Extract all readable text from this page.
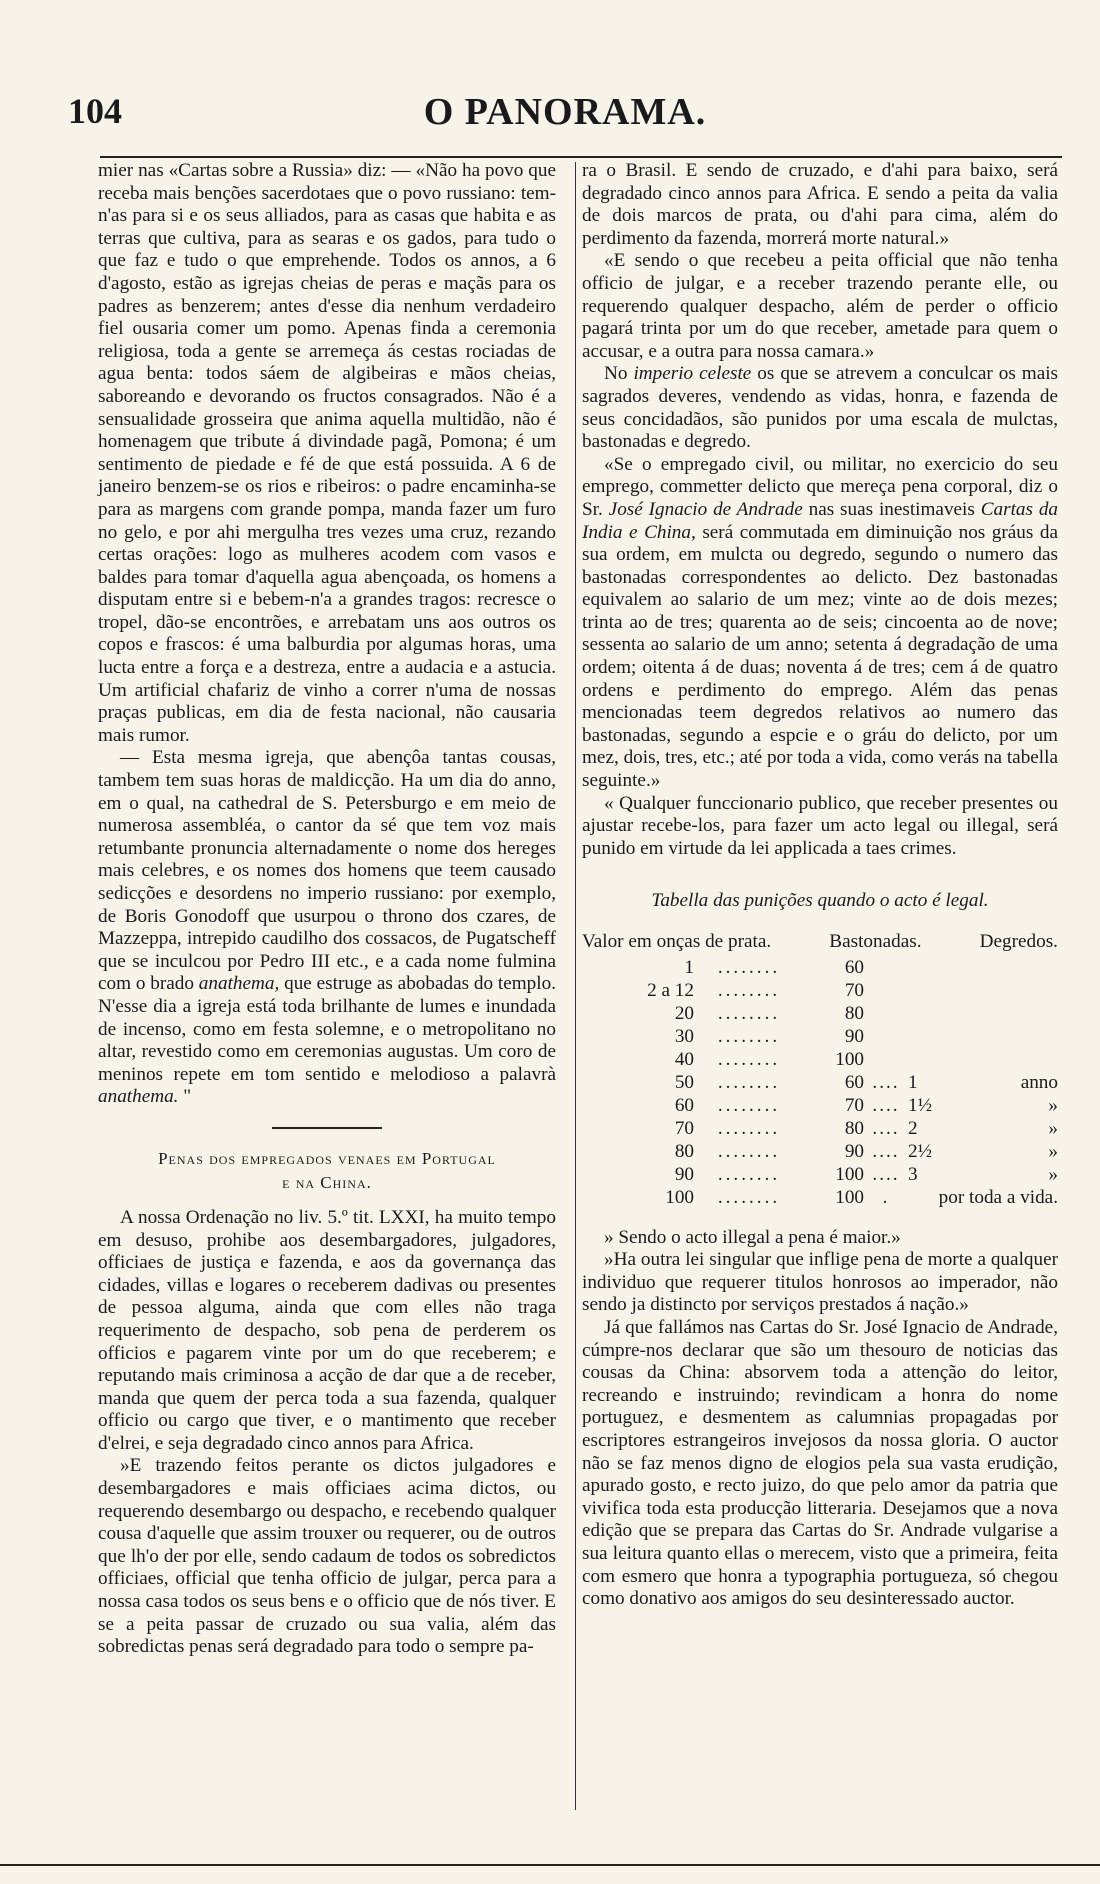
104	O PANORAMA.

mier nas «Cartas sobre a Russia» diz: — «Não ha povo que receba mais benções sacerdotaes que o povo russiano: tem-n'as para si e os seus alliados, para as casas que habita e as terras que cultiva, para as searas e os gados, para tudo o que faz e tudo o que emprehende. Todos os annos, a 6 d'agosto, estão as igrejas cheias de peras e maçãs para os padres as benzerem; antes d'esse dia nenhum verdadeiro fiel ousaria comer um pomo. Apenas finda a ceremonia religiosa, toda a gente se arremeça ás cestas rociadas de agua benta: todos sáem de algibeiras e mãos cheias, saboreando e devorando os fructos consagrados. Não é a sensualidade grosseira que anima aquella multidão, não é homenagem que tribute á divindade pagã, Pomona; é um sentimento de piedade e fé de que está possuida. A 6 de janeiro benzem-se os rios e ribeiros: o padre encaminha-se para as margens com grande pompa, manda fazer um furo no gelo, e por ahi mergulha tres vezes uma cruz, rezando certas orações: logo as mulheres acodem com vasos e baldes para tomar d'aquella agua abençoada, os homens a disputam entre si e bebem-n'a a grandes tragos: recresce o tropel, dão-se encontrões, e arrebatam uns aos outros os copos e frascos: é uma balburdia por algumas horas, uma lucta entre a força e a destreza, entre a audacia e a astucia. Um artificial chafariz de vinho a correr n'uma de nossas praças publicas, em dia de festa nacional, não causaria mais rumor.

— Esta mesma igreja, que abençôa tantas cousas, tambem tem suas horas de maldicção. Ha um dia do anno, em o qual, na cathedral de S. Petersburgo e em meio de numerosa assembléa, o cantor da sé que tem voz mais retumbante pronuncia alternadamente o nome dos hereges mais celebres, e os nomes dos homens que teem causado sedicções e desordens no imperio russiano: por exemplo, de Boris Gonodoff que usurpou o throno dos czares, de Mazzeppa, intrepido caudilho dos cossacos, de Pugatscheff que se inculcou por Pedro III etc., e a cada nome fulmina com o brado anathema, que estruge as abobadas do templo. N'esse dia a igreja está toda brilhante de lumes e inundada de incenso, como em festa solemne, e o metropolitano no altar, revestido como em ceremonias augustas. Um coro de meninos repete em tom sentido e melodioso a palavrà anathema. "

Penas dos empregados venaes em Portugal
e na China.

A nossa Ordenação no liv. 5.º tit. LXXI, ha muito tempo em desuso, prohibe aos desembargadores, julgadores, officiaes de justiça e fazenda, e aos da governança das cidades, villas e logares o receberem dadivas ou presentes de pessoa alguma, ainda que com elles não traga requerimento de despacho, sob pena de perderem os officios e pagarem vinte por um do que receberem; e reputando mais criminosa a acção de dar que a de receber, manda que quem der perca toda a sua fazenda, qualquer officio ou cargo que tiver, e o mantimento que receber d'elrei, e seja degradado cinco annos para Africa.

»E trazendo feitos perante os dictos julgadores e desembargadores e mais officiaes acima dictos, ou requerendo desembargo ou despacho, e recebendo qualquer cousa d'aquelle que assim trouxer ou requerer, ou de outros que lh'o der por elle, sendo cadaum de todos os sobredictos officiaes, official que tenha officio de julgar, perca para a nossa casa todos os seus bens e o officio que de nós tiver. E se a peita passar de cruzado ou sua valia, além das sobredictas penas será degradado para todo o sempre pa-

ra o Brasil. E sendo de cruzado, e d'ahi para baixo, será degradado cinco annos para Africa. E sendo a peita da valia de dois marcos de prata, ou d'ahi para cima, além do perdimento da fazenda, morrerá morte natural.»

«E sendo o que recebeu a peita official que não tenha officio de julgar, e a receber trazendo perante elle, ou requerendo qualquer despacho, além de perder o officio pagará trinta por um do que receber, ametade para quem o accusar, e a outra para nossa camara.»

No imperio celeste os que se atrevem a conculcar os mais sagrados deveres, vendendo as vidas, honra, e fazenda de seus concidadãos, são punidos por uma escala de mulctas, bastonadas e degredo.

«Se o empregado civil, ou militar, no exercicio do seu emprego, commetter delicto que mereça pena corporal, diz o Sr. José Ignacio de Andrade nas suas inestimaveis Cartas da India e China, será commutada em diminuição nos gráus da sua ordem, em mulcta ou degredo, segundo o numero das bastonadas correspondentes ao delicto. Dez bastonadas equivalem ao salario de um mez; vinte ao de dois mezes; trinta ao de tres; quarenta ao de seis; cincoenta ao de nove; sessenta ao salario de um anno; setenta á degradação de uma ordem; oitenta á de duas; noventa á de tres; cem á de quatro ordens e perdimento do emprego. Além das penas mencionadas teem degredos relativos ao numero das bastonadas, segundo a espcie e o gráu do delicto, por um mez, dois, tres, etc.; até por toda a vida, como verás na tabella seguinte.»

« Qualquer funccionario publico, que receber presentes ou ajustar recebe-los, para fazer um acto legal ou illegal, será punido em virtude da lei applicada a taes crimes.

Tabella das punições quando o acto é legal.
Valor em onças de prata.	Bastonadas.	Degredos.
1	........	60
2 a 12	........	70
20	........	80
30	........	90
40	........	100
50	........	60 .... 1	anno
60	........	70 .... 1½	»
70	........	80 .... 2	»
80	........	90 .... 2½	»
90	........	100 .... 3	»
100	........	100 .	por toda a vida.

» Sendo o acto illegal a pena é maior.»

»Ha outra lei singular que inflige pena de morte a qualquer individuo que requerer titulos honrosos ao imperador, não sendo ja distincto por serviços prestados á nação.»

Já que fallámos nas Cartas do Sr. José Ignacio de Andrade, cúmpre-nos declarar que são um thesouro de noticias das cousas da China: absorvem toda a attenção do leitor, recreando e instruindo; revindicam a honra do nome portuguez, e desmentem as calumnias propagadas por escriptores estrangeiros invejosos da nossa gloria. O auctor não se faz menos digno de elogios pela sua vasta erudição, apurado gosto, e recto juizo, do que pelo amor da patria que vivifica toda esta producção litteraria. Desejamos que a nova edição que se prepara das Cartas do Sr. Andrade vulgarise a sua leitura quanto ellas o merecem, visto que a primeira, feita com esmero que honra a typographia portugueza, só chegou como donativo aos amigos do seu desinteressado auctor.
